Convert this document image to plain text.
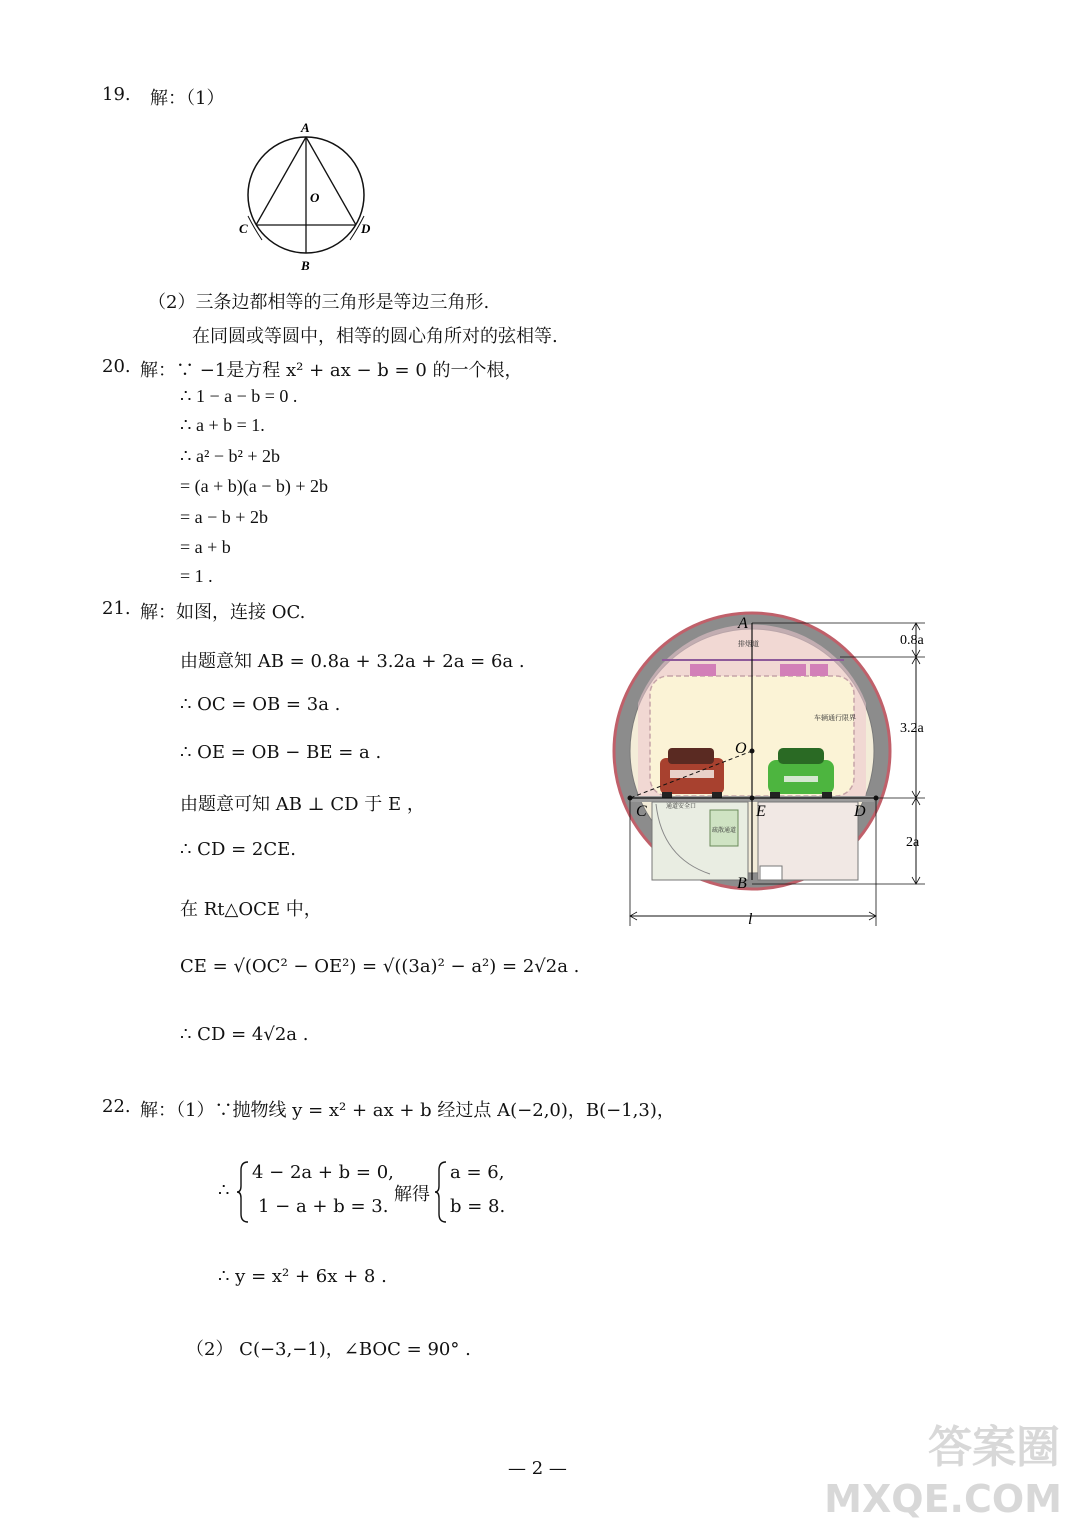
19. 解：（1）
A
O
C	D
B
（2）三条边都相等的三角形是等边三角形.
在同圆或等圆中，相等的圆心角所对的弦相等.
20. 解：∵ −1是方程 x² + ax − b = 0 的一个根，
∴ 1 − a − b = 0 .
∴ a + b = 1.
∴ a² − b² + 2b
= (a + b)(a − b) + 2b
= a − b + 2b
= a + b
= 1 .
21. 解：如图，连接 OC.
由题意知 AB = 0.8a + 3.2a + 2a = 6a .
∴ OC = OB = 3a .
∴ OE = OB − BE = a .
由题意可知 AB ⊥ CD 于 E ，
∴ CD = 2CE.
在 Rt△OCE 中，
CE = √(OC² − OE²) = √((3a)² − a²) = 2√2a .
∴ CD = 4√2a .
排烟道
车辆通行限界
疏散通道
通道安全口
A
O
C	E	D
B
0.8a
3.2a
2a
l
22. 解：（1）∵抛物线 y = x² + ax + b 经过点 A(−2,0)，B(−1,3)，
∴
4 − 2a + b = 0,
1 − a + b = 3.
解得
a = 6,
b = 8.
∴ y = x² + 6x + 8 .
（2） C(−3,−1)，∠BOC = 90° .
— 2 —	答案圈
MXQE.COM
